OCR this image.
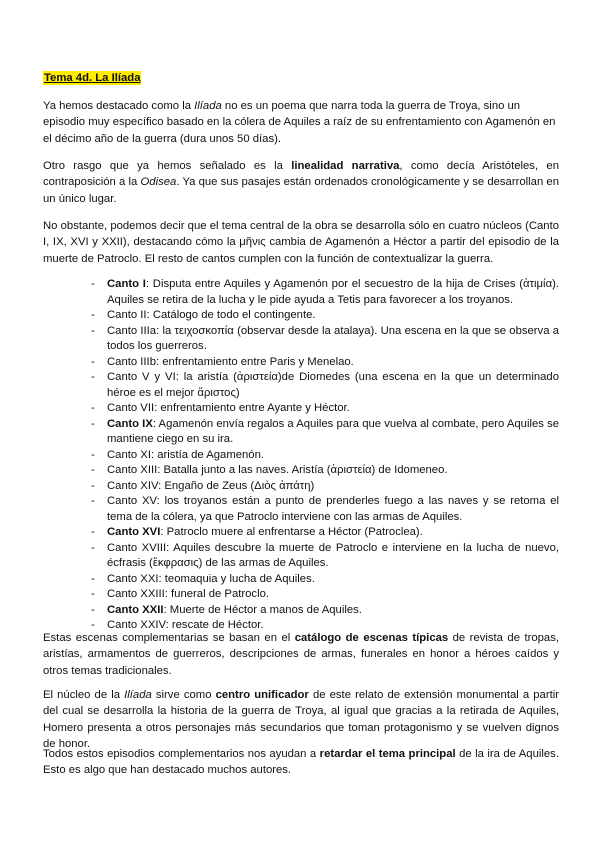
Tema 4d. La Ilíada

Ya hemos destacado como la Ilíada no es un poema que narra toda la guerra de Troya, sino un episodio muy específico basado en la cólera de Aquiles a raíz de su enfrentamiento con Agamenón en el décimo año de la guerra (dura unos 50 días).

Otro rasgo que ya hemos señalado es la linealidad narrativa, como decía Aristóteles, en contraposición a la Odisea. Ya que sus pasajes están ordenados cronológicamente y se desarrollan en un único lugar.

No obstante, podemos decir que el tema central de la obra se desarrolla sólo en cuatro núcleos (Canto I, IX, XVI y XXII), destacando cómo la μῆνις cambia de Agamenón a Héctor a partir del episodio de la muerte de Patroclo. El resto de cantos cumplen con la función de contextualizar la guerra.

- Canto I: Disputa entre Aquiles y Agamenón por el secuestro de la hija de Crises (ἀτιμία). Aquiles se retira de la lucha y le pide ayuda a Tetis para favorecer a los troyanos.
- Canto II: Catálogo de todo el contingente.
- Canto IIIa: la τειχοσκοπία (observar desde la atalaya). Una escena en la que se observa a todos los guerreros.
- Canto IIIb: enfrentamiento entre Paris y Menelao.
- Canto V y VI: la aristía (ἀριστεία)de Diomedes (una escena en la que un determinado héroe es el mejor ἄριστος)
- Canto VII: enfrentamiento entre Ayante y Héctor.
- Canto IX: Agamenón envía regalos a Aquiles para que vuelva al combate, pero Aquiles se mantiene ciego en su ira.
- Canto XI: aristía de Agamenón.
- Canto XIII: Batalla junto a las naves. Aristía (ἀριστεία) de Idomeneo.
- Canto XIV: Engaño de Zeus (Διὸς ἀπάτη)
- Canto XV: los troyanos están a punto de prenderles fuego a las naves y se retoma el tema de la cólera, ya que Patroclo interviene con las armas de Aquiles.
- Canto XVI: Patroclo muere al enfrentarse a Héctor (Patroclea).
- Canto XVIII: Aquiles descubre la muerte de Patroclo e interviene en la lucha de nuevo, écfrasis (ἔκφρασις) de las armas de Aquiles.
- Canto XXI: teomaquia y lucha de Aquiles.
- Canto XXIII: funeral de Patroclo.
- Canto XXII: Muerte de Héctor a manos de Aquiles.
- Canto XXIV: rescate de Héctor.

Estas escenas complementarias se basan en el catálogo de escenas típicas de revista de tropas, aristías, armamentos de guerreros, descripciones de armas, funerales en honor a héroes caídos y otros temas tradicionales.

El núcleo de la Ilíada sirve como centro unificador de este relato de extensión monumental a partir del cual se desarrolla la historia de la guerra de Troya, al igual que gracias a la retirada de Aquiles, Homero presenta a otros personajes más secundarios que toman protagonismo y se vuelven dignos de honor.

Todos estos episodios complementarios nos ayudan a retardar el tema principal de la ira de Aquiles. Esto es algo que han destacado muchos autores.
